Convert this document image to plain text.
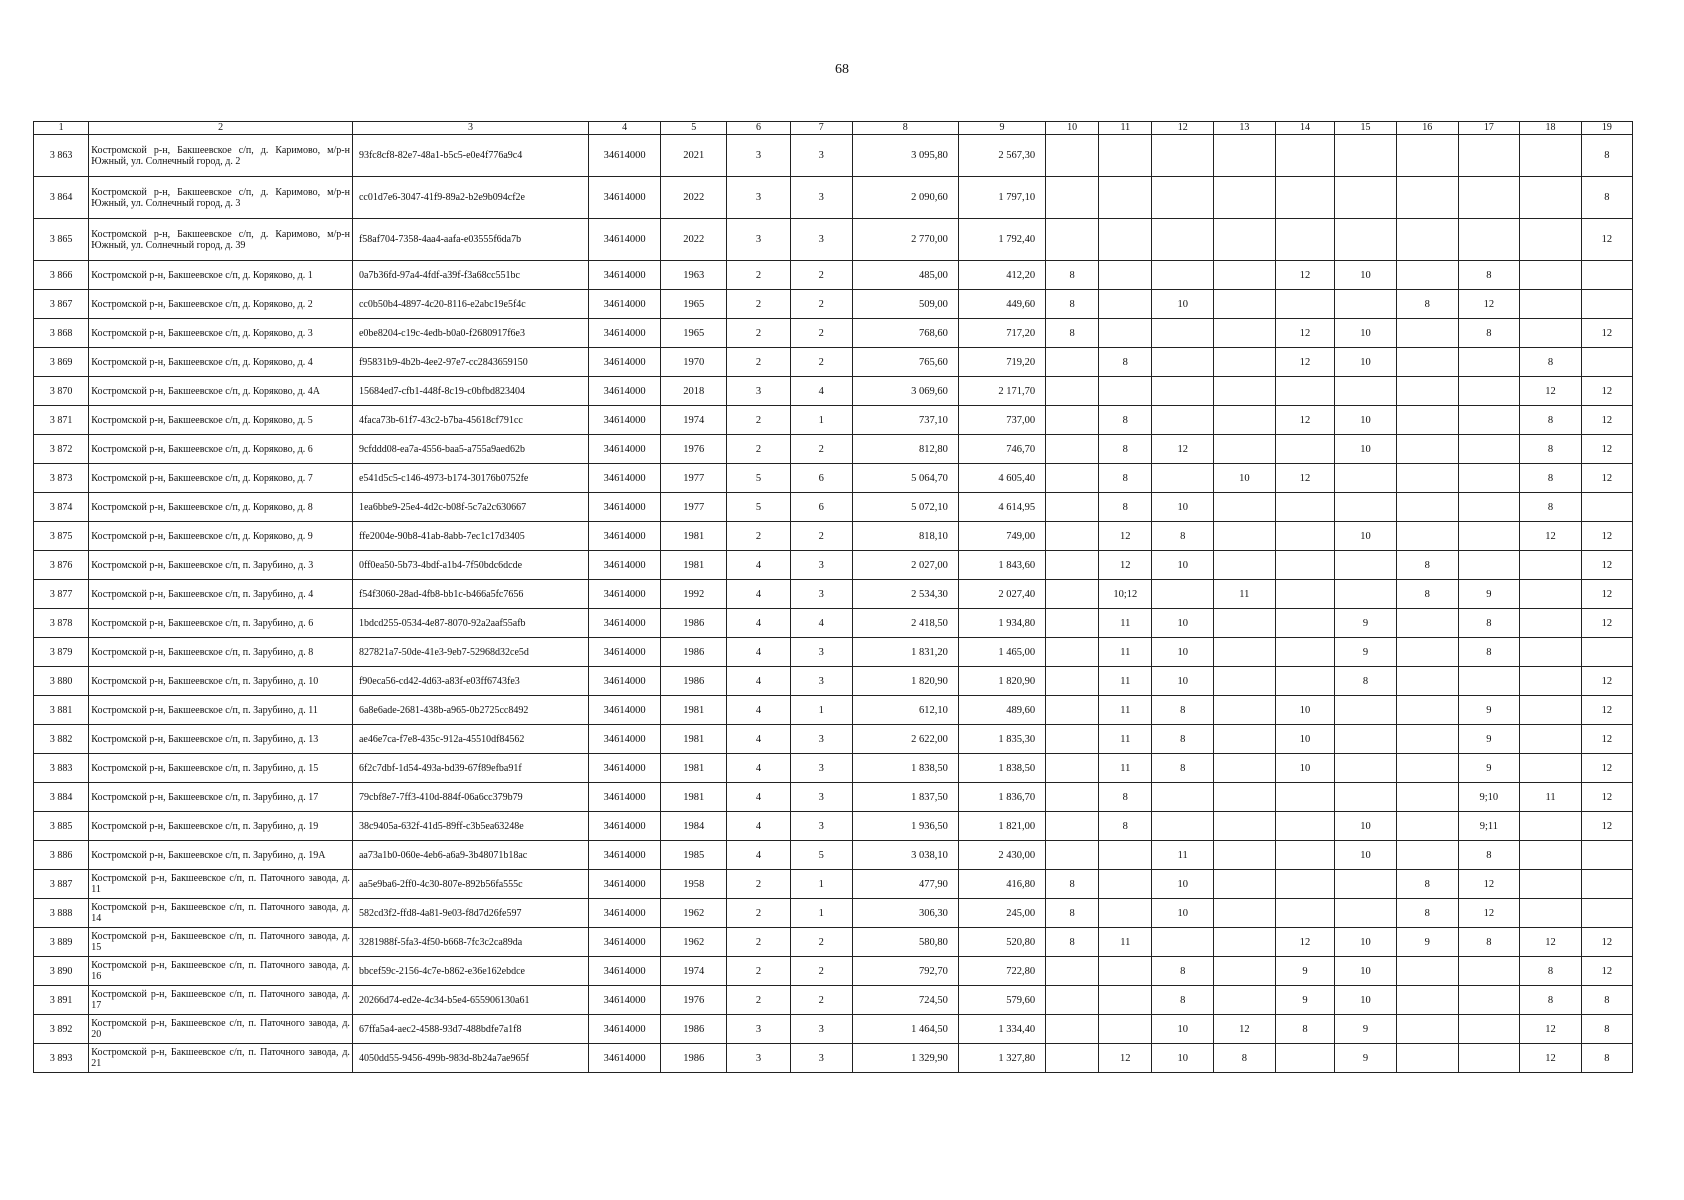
68
1	2	3	4	5	6	7	8	9	10	11	12	13	14	15	16	17	18	19
3 863	Костромской р-н, Бакшеевское с/п, д. Каримово, м/р-н Южный, ул. Солнечный город, д. 2	93fc8cf8-82e7-48a1-b5c5-e0e4f776a9c4	34614000	2021	3	3	3 095,80	2 567,30										8
3 864	Костромской р-н, Бакшеевское с/п, д. Каримово, м/р-н Южный, ул. Солнечный город, д. 3	cc01d7e6-3047-41f9-89a2-b2e9b094cf2e	34614000	2022	3	3	2 090,60	1 797,10										8
3 865	Костромской р-н, Бакшеевское с/п, д. Каримово, м/р-н Южный, ул. Солнечный город, д. 39	f58af704-7358-4aa4-aafa-e03555f6da7b	34614000	2022	3	3	2 770,00	1 792,40										12
3 866	Костромской р-н, Бакшеевское с/п, д. Коряково, д. 1	0a7b36fd-97a4-4fdf-a39f-f3a68cc551bc	34614000	1963	2	2	485,00	412,20	8				12	10		8		
3 867	Костромской р-н, Бакшеевское с/п, д. Коряково, д. 2	cc0b50b4-4897-4c20-8116-e2abc19e5f4c	34614000	1965	2	2	509,00	449,60	8		10				8	12		
3 868	Костромской р-н, Бакшеевское с/п, д. Коряково, д. 3	e0be8204-c19c-4edb-b0a0-f2680917f6e3	34614000	1965	2	2	768,60	717,20	8				12	10		8		12
3 869	Костромской р-н, Бакшеевское с/п, д. Коряково, д. 4	f95831b9-4b2b-4ee2-97e7-cc2843659150	34614000	1970	2	2	765,60	719,20		8			12	10			8	
3 870	Костромской р-н, Бакшеевское с/п, д. Коряково, д. 4А	15684ed7-cfb1-448f-8c19-c0bfbd823404	34614000	2018	3	4	3 069,60	2 171,70									12	12
3 871	Костромской р-н, Бакшеевское с/п, д. Коряково, д. 5	4faca73b-61f7-43c2-b7ba-45618cf791cc	34614000	1974	2	1	737,10	737,00		8			12	10			8	12
3 872	Костромской р-н, Бакшеевское с/п, д. Коряково, д. 6	9cfddd08-ea7a-4556-baa5-a755a9aed62b	34614000	1976	2	2	812,80	746,70		8	12			10			8	12
3 873	Костромской р-н, Бакшеевское с/п, д. Коряково, д. 7	e541d5c5-c146-4973-b174-30176b0752fe	34614000	1977	5	6	5 064,70	4 605,40		8		10	12				8	12
3 874	Костромской р-н, Бакшеевское с/п, д. Коряково, д. 8	1ea6bbe9-25e4-4d2c-b08f-5c7a2c630667	34614000	1977	5	6	5 072,10	4 614,95		8	10						8	
3 875	Костромской р-н, Бакшеевское с/п, д. Коряково, д. 9	ffe2004e-90b8-41ab-8abb-7ec1c17d3405	34614000	1981	2	2	818,10	749,00		12	8			10			12	12
3 876	Костромской р-н, Бакшеевское с/п, п. Зарубино, д. 3	0ff0ea50-5b73-4bdf-a1b4-7f50bdc6dcde	34614000	1981	4	3	2 027,00	1 843,60		12	10				8			12
3 877	Костромской р-н, Бакшеевское с/п, п. Зарубино, д. 4	f54f3060-28ad-4fb8-bb1c-b466a5fc7656	34614000	1992	4	3	2 534,30	2 027,40		10;12		11			8	9		12
3 878	Костромской р-н, Бакшеевское с/п, п. Зарубино, д. 6	1bdcd255-0534-4e87-8070-92a2aaf55afb	34614000	1986	4	4	2 418,50	1 934,80		11	10			9		8		12
3 879	Костромской р-н, Бакшеевское с/п, п. Зарубино, д. 8	827821a7-50de-41e3-9eb7-52968d32ce5d	34614000	1986	4	3	1 831,20	1 465,00		11	10			9		8		
3 880	Костромской р-н, Бакшеевское с/п, п. Зарубино, д. 10	f90eca56-cd42-4d63-a83f-e03ff6743fe3	34614000	1986	4	3	1 820,90	1 820,90		11	10			8				12
3 881	Костромской р-н, Бакшеевское с/п, п. Зарубино, д. 11	6a8e6ade-2681-438b-a965-0b2725cc8492	34614000	1981	4	1	612,10	489,60		11	8		10			9		12
3 882	Костромской р-н, Бакшеевское с/п, п. Зарубино, д. 13	ae46e7ca-f7e8-435c-912a-45510df84562	34614000	1981	4	3	2 622,00	1 835,30		11	8		10			9		12
3 883	Костромской р-н, Бакшеевское с/п, п. Зарубино, д. 15	6f2c7dbf-1d54-493a-bd39-67f89efba91f	34614000	1981	4	3	1 838,50	1 838,50		11	8		10			9		12
3 884	Костромской р-н, Бакшеевское с/п, п. Зарубино, д. 17	79cbf8e7-7ff3-410d-884f-06a6cc379b79	34614000	1981	4	3	1 837,50	1 836,70		8						9;10	11	12
3 885	Костромской р-н, Бакшеевское с/п, п. Зарубино, д. 19	38c9405a-632f-41d5-89ff-c3b5ea63248e	34614000	1984	4	3	1 936,50	1 821,00		8				10		9;11		12
3 886	Костромской р-н, Бакшеевское с/п, п. Зарубино, д. 19А	aa73a1b0-060e-4eb6-a6a9-3b48071b18ac	34614000	1985	4	5	3 038,10	2 430,00			11			10		8		
3 887	Костромской р-н, Бакшеевское с/п, п. Паточного завода, д. 11	aa5e9ba6-2ff0-4c30-807e-892b56fa555c	34614000	1958	2	1	477,90	416,80	8		10				8	12		
3 888	Костромской р-н, Бакшеевское с/п, п. Паточного завода, д. 14	582cd3f2-ffd8-4a81-9e03-f8d7d26fe597	34614000	1962	2	1	306,30	245,00	8		10				8	12		
3 889	Костромской р-н, Бакшеевское с/п, п. Паточного завода, д. 15	3281988f-5fa3-4f50-b668-7fc3c2ca89da	34614000	1962	2	2	580,80	520,80	8	11			12	10	9	8	12	12
3 890	Костромской р-н, Бакшеевское с/п, п. Паточного завода, д. 16	bbcef59c-2156-4c7e-b862-e36e162ebdce	34614000	1974	2	2	792,70	722,80			8		9	10			8	12
3 891	Костромской р-н, Бакшеевское с/п, п. Паточного завода, д. 17	20266d74-ed2e-4c34-b5e4-655906130a61	34614000	1976	2	2	724,50	579,60			8		9	10			8	8
3 892	Костромской р-н, Бакшеевское с/п, п. Паточного завода, д. 20	67ffa5a4-aec2-4588-93d7-488bdfe7a1f8	34614000	1986	3	3	1 464,50	1 334,40			10	12	8	9			12	8
3 893	Костромской р-н, Бакшеевское с/п, п. Паточного завода, д. 21	4050dd55-9456-499b-983d-8b24a7ae965f	34614000	1986	3	3	1 329,90	1 327,80		12	10	8		9			12	8
